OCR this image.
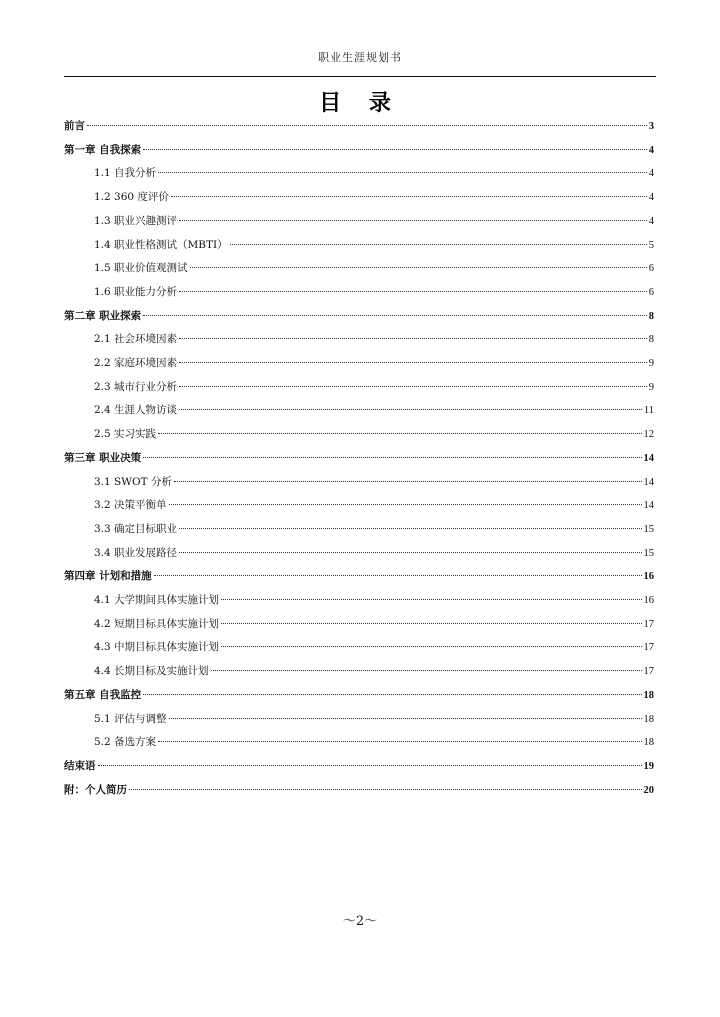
职业生涯规划书
目 录
前言	3
第一章 自我探索	4
1.1 自我分析	4
1.2 360 度评价	4
1.3 职业兴趣测评	4
1.4 职业性格测试（MBTI）	5
1.5 职业价值观测试	6
1.6 职业能力分析	6
第二章 职业探索	8
2.1 社会环境因素	8
2.2 家庭环境因素	9
2.3 城市行业分析	9
2.4 生涯人物访谈	11
2.5 实习实践	12
第三章 职业决策	14
3.1 SWOT 分析	14
3.2 决策平衡单	14
3.3 确定目标职业	15
3.4 职业发展路径	15
第四章 计划和措施	16
4.1 大学期间具体实施计划	16
4.2 短期目标具体实施计划	17
4.3 中期目标具体实施计划	17
4.4 长期目标及实施计划	17
第五章 自我监控	18
5.1 评估与调整	18
5.2 备选方案	18
结束语	19
附：个人简历	20
～2～
